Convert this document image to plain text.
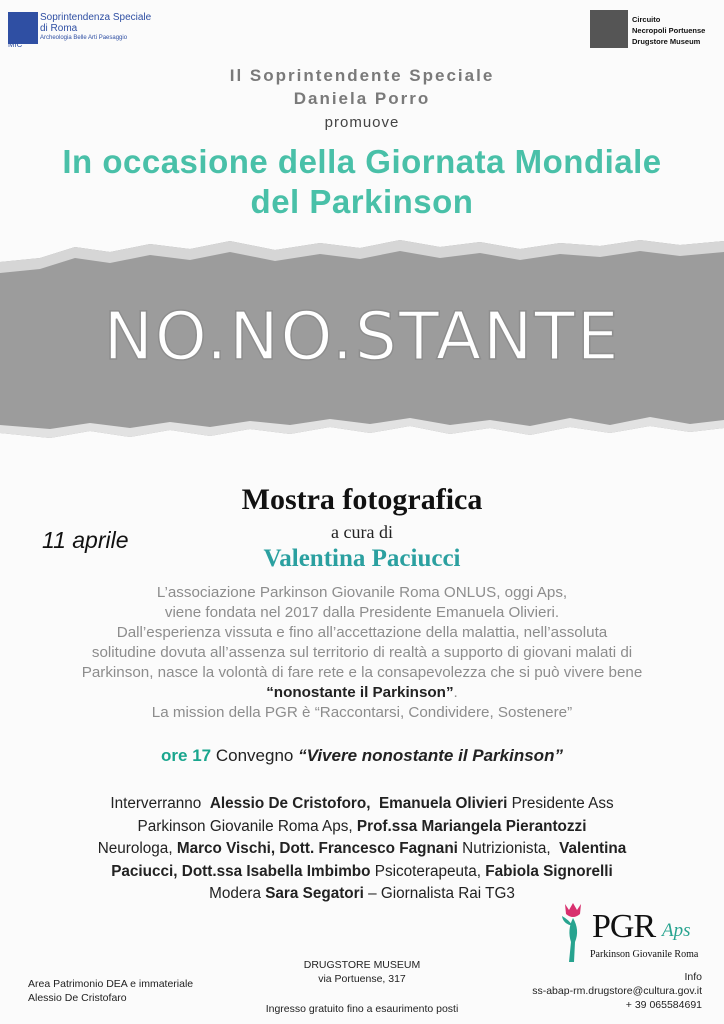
MiC
Soprintendenza Speciale
di Roma
Archeologia Belle Arti Paesaggio
Circuito
Necropoli Portuense
Drugstore Museum
Il Soprintendente Speciale
Daniela Porro
promuove
In occasione della Giornata Mondiale
del Parkinson
NO.NO.STANTE
Mostra fotografica
a cura di
11 aprile
Valentina Paciucci
L’associazione Parkinson Giovanile Roma ONLUS, oggi Aps,
viene fondata nel 2017 dalla Presidente Emanuela Olivieri.
Dall’esperienza vissuta e fino all’accettazione della malattia, nell’assoluta
solitudine dovuta all’assenza sul territorio di realtà a supporto di giovani malati di
Parkinson, nasce la volontà di fare rete e la consapevolezza che si può vivere bene
“nonostante il Parkinson”.
La mission della PGR è “Raccontarsi, Condividere, Sostenere”
ore 17 Convegno “Vivere nonostante il Parkinson”
Interverranno Alessio De Cristoforo, Emanuela Olivieri Presidente Ass
Parkinson Giovanile Roma Aps, Prof.ssa Mariangela Pierantozzi
Neurologa, Marco Vischi, Dott. Francesco Fagnani Nutrizionista, Valentina
Paciucci, Dott.ssa Isabella Imbimbo Psicoterapeuta, Fabiola Signorelli
Modera Sara Segatori – Giornalista Rai TG3
PGR Aps
Parkinson Giovanile Roma
DRUGSTORE MUSEUM
via Portuense, 317
Area Patrimonio DEA e immateriale
Alessio De Cristofaro
Info
ss-abap-rm.drugstore@cultura.gov.it
+ 39 065584691
Ingresso gratuito fino a esaurimento posti
